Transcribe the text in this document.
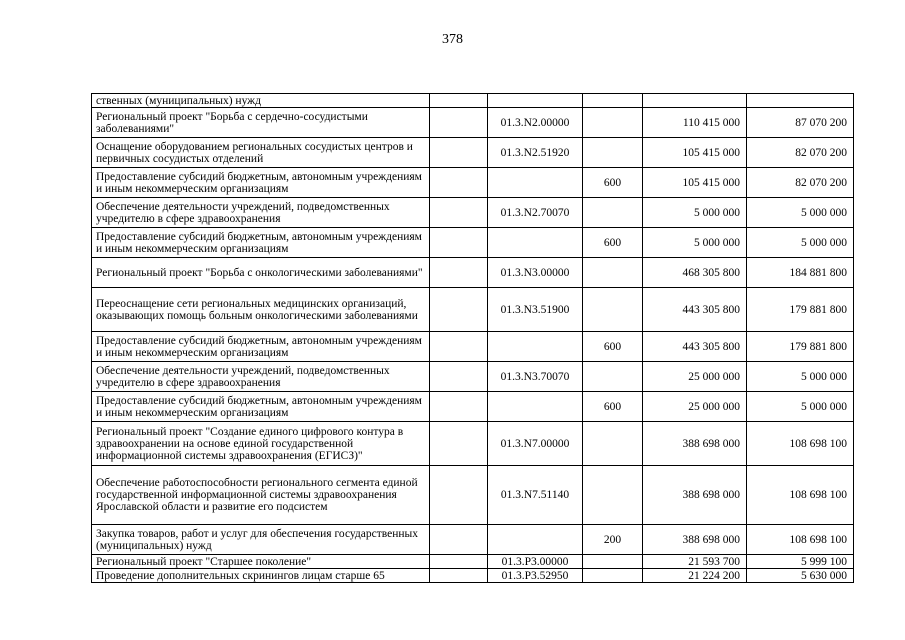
378
ственных (муниципальных) нужд					
Региональный проект "Борьба с сердечно-сосудистыми заболеваниями"		01.3.N2.00000		110 415 000	87 070 200
Оснащение оборудованием региональных сосудистых центров и первичных сосудистых отделений		01.3.N2.51920		105 415 000	82 070 200
Предоставление субсидий бюджетным, автономным учреждениям и иным некоммерческим организациям			600	105 415 000	82 070 200
Обеспечение деятельности учреждений, подведомственных учредителю в сфере здравоохранения		01.3.N2.70070		5 000 000	5 000 000
Предоставление субсидий бюджетным, автономным учреждениям и иным некоммерческим организациям			600	5 000 000	5 000 000
Региональный проект "Борьба с онкологическими заболеваниями"		01.3.N3.00000		468 305 800	184 881 800
Переоснащение сети региональных медицинских организаций, оказывающих помощь больным онкологическими заболеваниями		01.3.N3.51900		443 305 800	179 881 800
Предоставление субсидий бюджетным, автономным учреждениям и иным некоммерческим организациям			600	443 305 800	179 881 800
Обеспечение деятельности учреждений, подведомственных учредителю в сфере здравоохранения		01.3.N3.70070		25 000 000	5 000 000
Предоставление субсидий бюджетным, автономным учреждениям и иным некоммерческим организациям			600	25 000 000	5 000 000
Региональный проект "Создание единого цифрового контура в здравоохранении на основе единой государственной информационной системы здравоохранения (ЕГИСЗ)"		01.3.N7.00000		388 698 000	108 698 100
Обеспечение работоспособности регионального сегмента единой государственной информационной системы здравоохранения Ярославской области и развитие его подсистем		01.3.N7.51140		388 698 000	108 698 100
Закупка товаров, работ и услуг для обеспечения государственных (муниципальных) нужд			200	388 698 000	108 698 100
Региональный проект "Старшее поколение"		01.3.P3.00000		21 593 700	5 999 100
Проведение дополнительных скринингов лицам старше 65		01.3.P3.52950		21 224 200	5 630 000
